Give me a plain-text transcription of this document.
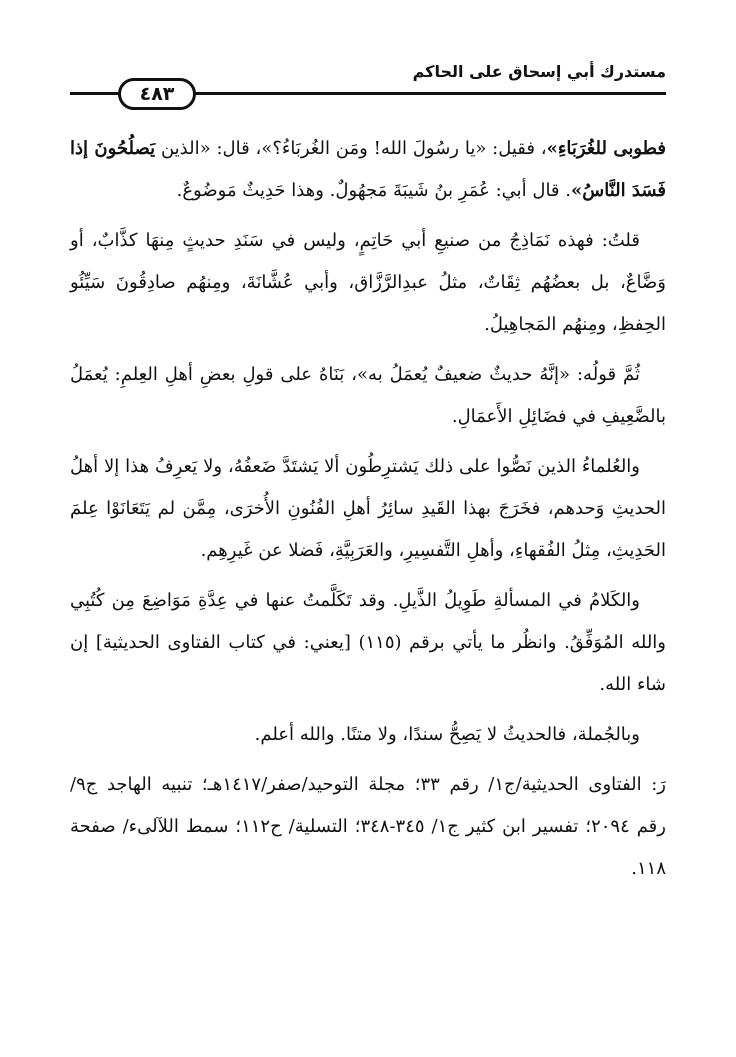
مستدرك أبي إسحاق على الحاكم
٤٨٣

فطوبى للغُرَبَاءِ»، فقيل: «يا رسُولَ الله! ومَن الغُربَاءُ؟»، قال: «الذين يَصلُحُونَ إذا فَسَدَ النَّاسُ». قال أبي: عُمَرِ بنُ شَيبَةَ مَجهُولٌ. وهذا حَدِيثٌ مَوضُوعٌ.

قلتُ: فهذه نَمَاذِجُ من صنيعِ أبي حَاتِمٍ، وليس في سَنَدِ حديثٍ مِنهَا كذَّابٌ، أو وَضَّاعٌ، بل بعضُهُم ثِقَاتٌ، مثلُ عبدِالرَّزَّاق، وأبي عُشَّانَةَ، ومِنهُم صادِقُونَ سَيِّئُو الحِفظِ، ومِنهُم المَجاهِيلُ.

ثُمَّ قولُه: «إنَّهُ حديثٌ ضعيفٌ يُعمَلُ به»، بَنَاهُ على قولِ بعضِ أهلِ العِلمِ: يُعمَلُ بالضَّعِيفِ في فضَائِلِ الأَعمَالِ.

والعُلماءُ الذين نَصُّوا على ذلك يَشترِطُون ألا يَشتَدَّ ضَعفُهُ، ولا يَعرِفُ هذا إلا أهلُ الحديثِ وَحدهم، فخَرَجَ بهذا القَيدِ سائِرُ أهلِ الفُنُونِ الأُخرَى، مِمَّن لم يَتَعَانَوْا عِلمَ الحَدِيثِ، مِثلُ الفُقهاءِ، وأهلِ التَّفسِيرِ، والعَرَبِيَّةِ، فَضلا عن غَيرِهِم.

والكَلامُ في المسألةِ طَوِيلُ الذَّيلِ. وقد تَكَلَّمتُ عنها في عِدَّةِ مَوَاضِعَ مِن كُتُبِي والله المُوَفِّقُ. وانظُر ما يأتي برقم (١١٥) [يعني: في كتاب الفتاوى الحديثية] إن شاء الله.

وبالجُملة، فالحديثُ لا يَصِحُّ سندًا، ولا متنًا. والله أعلم.

رَ: الفتاوى الحديثية/ج١/ رقم ٣٣؛ مجلة التوحيد/صفر/١٤١٧هـ؛ تنبيه الهاجد ج٩/ رقم ٢٠٩٤؛ تفسير ابن كثير ج١/ ٣٤٥-٣٤٨؛ التسلية/ ح١١٢؛ سمط اللآلىء/ صفحة ١١٨.
